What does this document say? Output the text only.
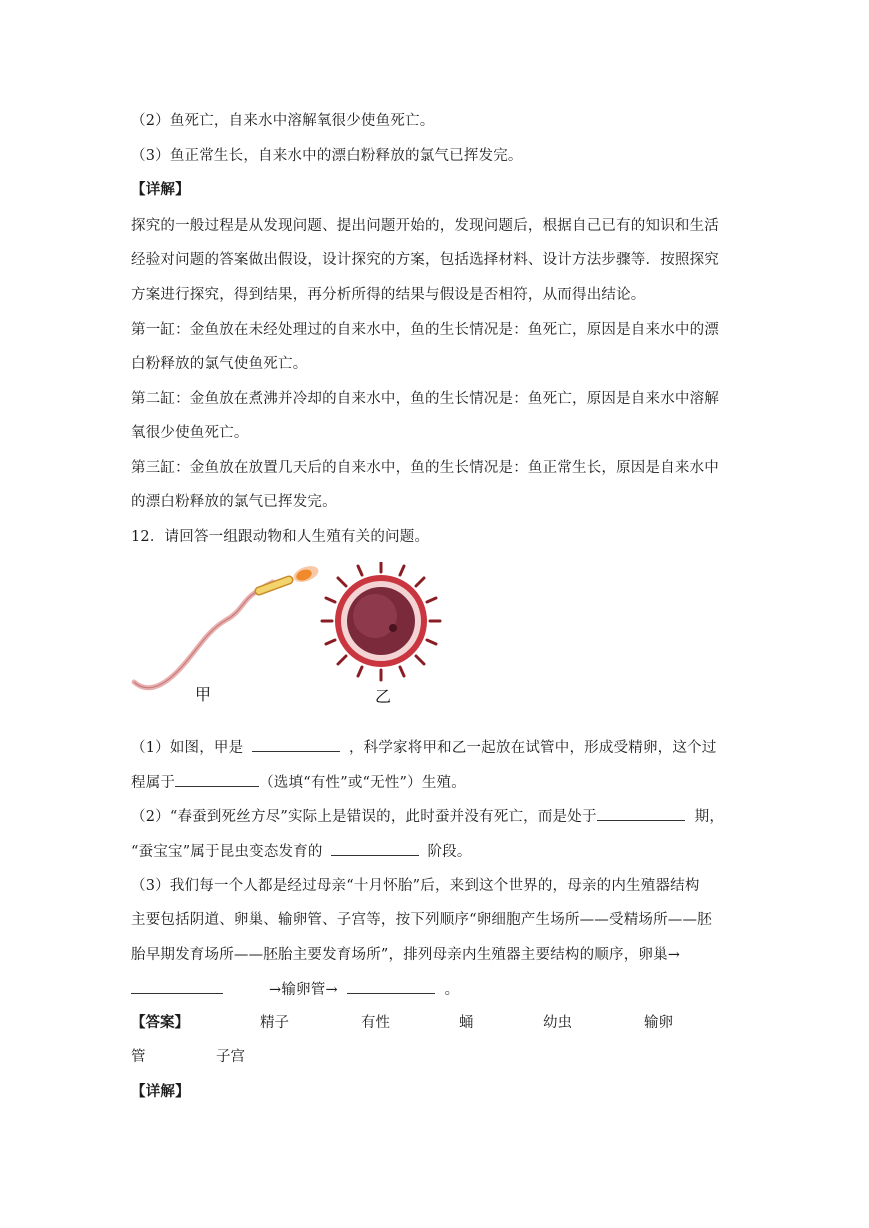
（2）鱼死亡，自来水中溶解氧很少使鱼死亡。
（3）鱼正常生长，自来水中的漂白粉释放的氯气已挥发完。
【详解】
探究的一般过程是从发现问题、提出问题开始的，发现问题后，根据自己已有的知识和生活
经验对问题的答案做出假设，设计探究的方案，包括选择材料、设计方法步骤等．按照探究
方案进行探究，得到结果，再分析所得的结果与假设是否相符，从而得出结论。
第一缸：金鱼放在未经处理过的自来水中，鱼的生长情况是：鱼死亡，原因是自来水中的漂
白粉释放的氯气使鱼死亡。
第二缸：金鱼放在煮沸并冷却的自来水中，鱼的生长情况是：鱼死亡，原因是自来水中溶解
氧很少使鱼死亡。
第三缸：金鱼放在放置几天后的自来水中，鱼的生长情况是：鱼正常生长，原因是自来水中
的漂白粉释放的氯气已挥发完。
12．请回答一组跟动物和人生殖有关的问题。
甲	乙
（1）如图，甲是	，科学家将甲和乙一起放在试管中，形成受精卵，这个过
程属于	（选填“有性”或“无性”）生殖。
（2）“春蚕到死丝方尽”实际上是错误的，此时蚕并没有死亡，而是处于	期，
“蚕宝宝”属于昆虫变态发育的	阶段。
（3）我们每一个人都是经过母亲“十月怀胎”后，来到这个世界的，母亲的内生殖器结构
主要包括阴道、卵巢、输卵管、子宫等，按下列顺序“卵细胞产生场所——受精场所——胚
胎早期发育场所——胚胎主要发育场所”，排列母亲内生殖器主要结构的顺序，卵巢→
→输卵管→	。
【答案】	精子	有性	蛹	幼虫	输卵
管	子宫
【详解】
